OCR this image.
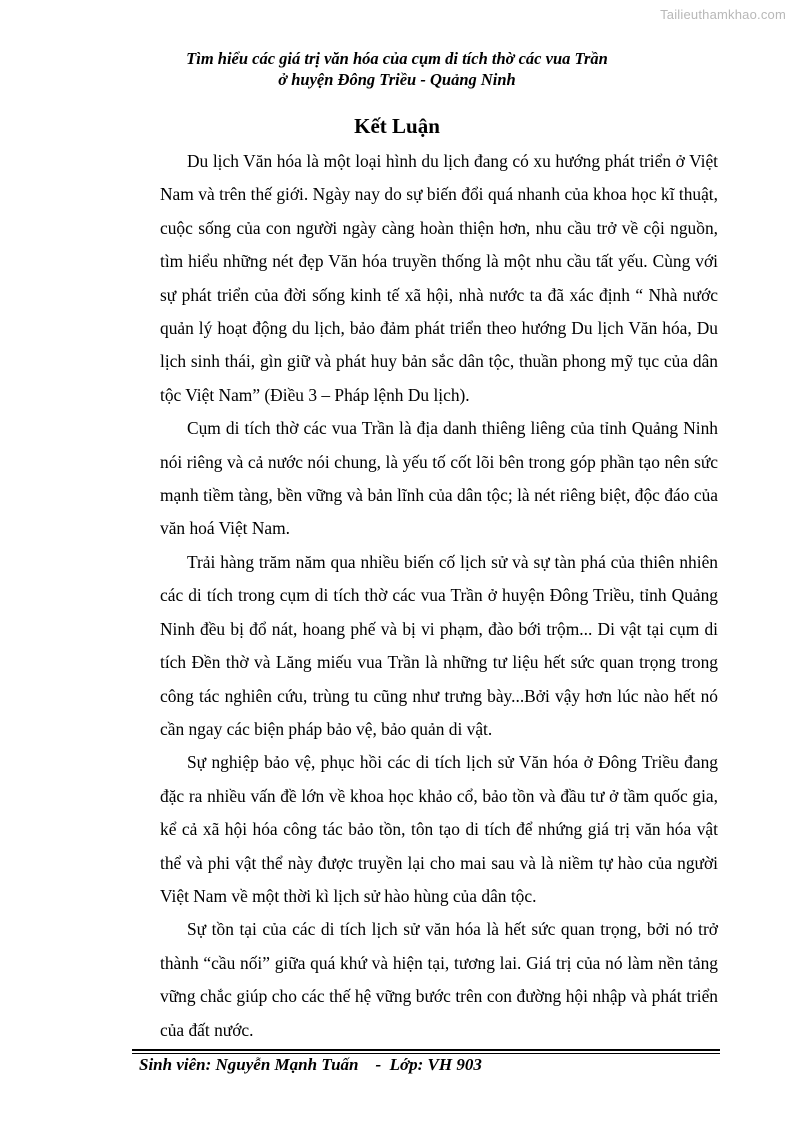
Tailieuthamkhao.com
Tìm hiểu các giá trị văn hóa của cụm di tích thờ các vua Trần
ở huyện Đông Triều - Quảng Ninh
Kết Luận

Du lịch Văn hóa là một loại hình du lịch đang có xu hướng phát triển ở Việt Nam và trên thế giới. Ngày nay do sự biến đổi quá nhanh của khoa học kĩ thuật, cuộc sống của con người ngày càng hoàn thiện hơn, nhu cầu trở về cội nguồn, tìm hiểu những nét đẹp Văn hóa truyền thống là một nhu cầu tất yếu. Cùng với sự phát triển của đời sống kinh tế xã hội, nhà nước ta đã xác định “ Nhà nước quản lý hoạt động du lịch, bảo đảm phát triển theo hướng Du lịch Văn hóa, Du lịch sinh thái, gìn giữ và phát huy bản sắc dân tộc, thuần phong mỹ tục của dân tộc Việt Nam” (Điều 3 – Pháp lệnh Du lịch).

Cụm di tích thờ các vua Trần là địa danh thiêng liêng của tỉnh Quảng Ninh nói riêng và cả nước nói chung, là yếu tố cốt lõi bên trong góp phần tạo nên sức mạnh tiềm tàng, bền vững và bản lĩnh của dân tộc; là nét riêng biệt, độc đáo của văn hoá Việt Nam.

Trải hàng trăm năm qua nhiều biến cố lịch sử và sự tàn phá của thiên nhiên các di tích trong cụm di tích thờ các vua Trần ở huyện Đông Triều, tỉnh Quảng Ninh đều bị đổ nát, hoang phế và bị vi phạm, đào bới trộm... Di vật tại cụm di tích Đền thờ và Lăng miếu vua Trần là những tư liệu hết sức quan trọng trong công tác nghiên cứu, trùng tu cũng như trưng bày...Bởi vậy hơn lúc nào hết nó cần ngay các biện pháp bảo vệ, bảo quản di vật.

Sự nghiệp bảo vệ, phục hồi các di tích lịch sử Văn hóa ở Đông Triều đang đặc ra nhiều vấn đề lớn về khoa học khảo cổ, bảo tồn và đầu tư ở tầm quốc gia, kể cả xã hội hóa công tác bảo tồn, tôn tạo di tích để nhứng giá trị văn hóa vật thể và phi vật thể này được truyền lại cho mai sau và là niềm tự hào của người Việt Nam về một thời kì lịch sử hào hùng của dân tộc.

Sự tồn tại của các di tích lịch sử văn hóa là hết sức quan trọng, bởi nó trở thành “cầu nối” giữa quá khứ và hiện tại, tương lai. Giá trị của nó làm nền tảng vững chắc giúp cho các thế hệ vững bước trên con đường hội nhập và phát triển của đất nước.

Sinh viên: Nguyễn Mạnh Tuấn    -  Lớp: VH 903
